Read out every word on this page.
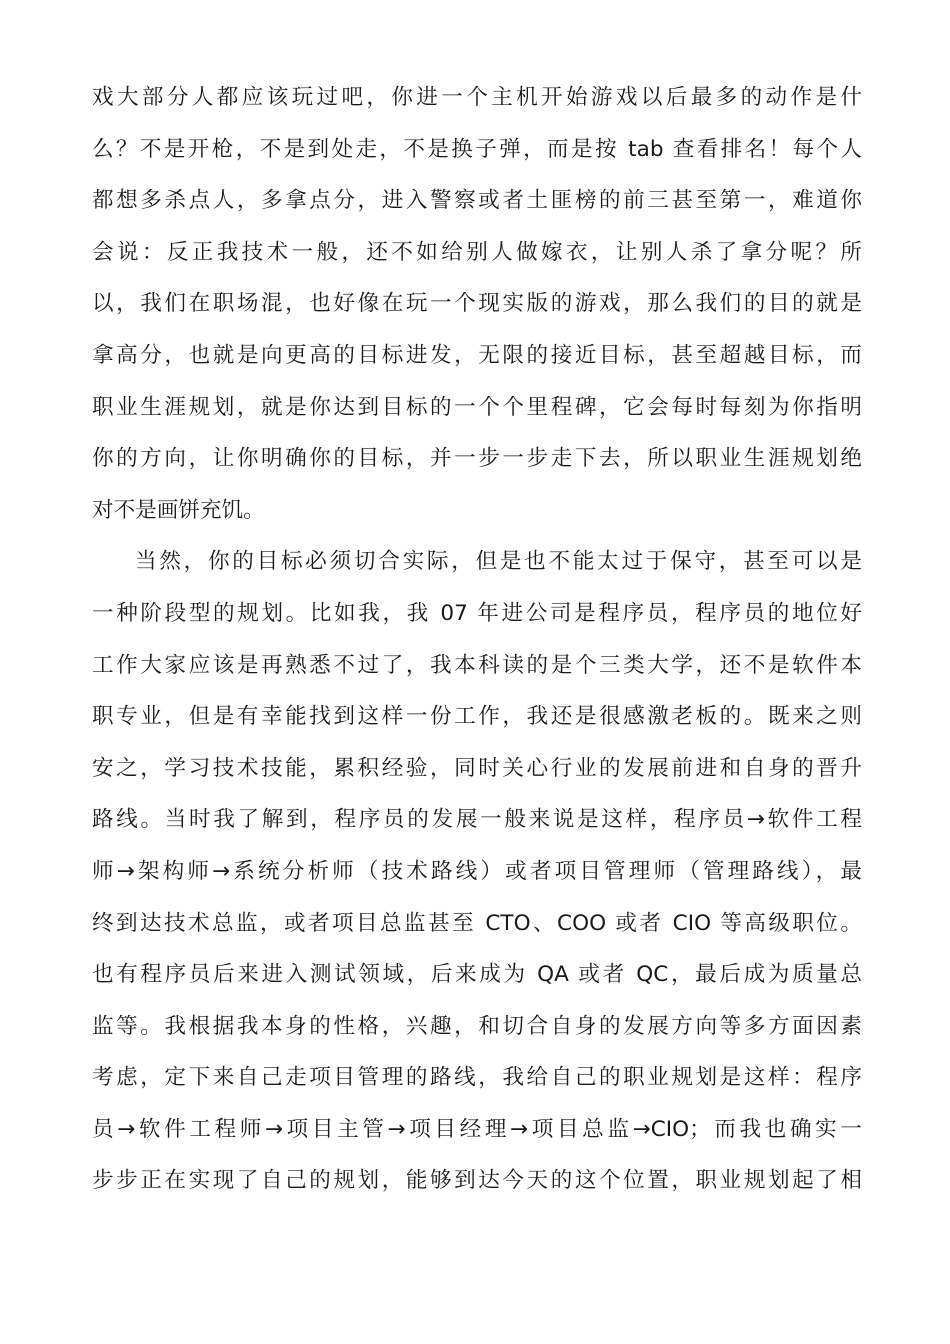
戏大部分人都应该玩过吧，你进一个主机开始游戏以后最多的动作是什
么？不是开枪，不是到处走，不是换子弹，而是按 tab 查看排名！每个人
都想多杀点人，多拿点分，进入警察或者土匪榜的前三甚至第一，难道你
会说：反正我技术一般，还不如给别人做嫁衣，让别人杀了拿分呢？所
以，我们在职场混，也好像在玩一个现实版的游戏，那么我们的目的就是
拿高分，也就是向更高的目标进发，无限的接近目标，甚至超越目标，而
职业生涯规划，就是你达到目标的一个个里程碑，它会每时每刻为你指明
你的方向，让你明确你的目标，并一步一步走下去，所以职业生涯规划绝
对不是画饼充饥。
当然，你的目标必须切合实际，但是也不能太过于保守，甚至可以是
一种阶段型的规划。比如我，我 07 年进公司是程序员，程序员的地位好
工作大家应该是再熟悉不过了，我本科读的是个三类大学，还不是软件本
职专业，但是有幸能找到这样一份工作，我还是很感激老板的。既来之则
安之，学习技术技能，累积经验，同时关心行业的发展前进和自身的晋升
路线。当时我了解到，程序员的发展一般来说是这样，程序员→软件工程
师→架构师→系统分析师（技术路线）或者项目管理师（管理路线），最
终到达技术总监，或者项目总监甚至 CTO、COO 或者 CIO 等高级职位。
也有程序员后来进入测试领域，后来成为 QA 或者 QC，最后成为质量总
监等。我根据我本身的性格，兴趣，和切合自身的发展方向等多方面因素
考虑，定下来自己走项目管理的路线，我给自己的职业规划是这样：程序
员→软件工程师→项目主管→项目经理→项目总监→CIO；而我也确实一
步步正在实现了自己的规划，能够到达今天的这个位置，职业规划起了相
